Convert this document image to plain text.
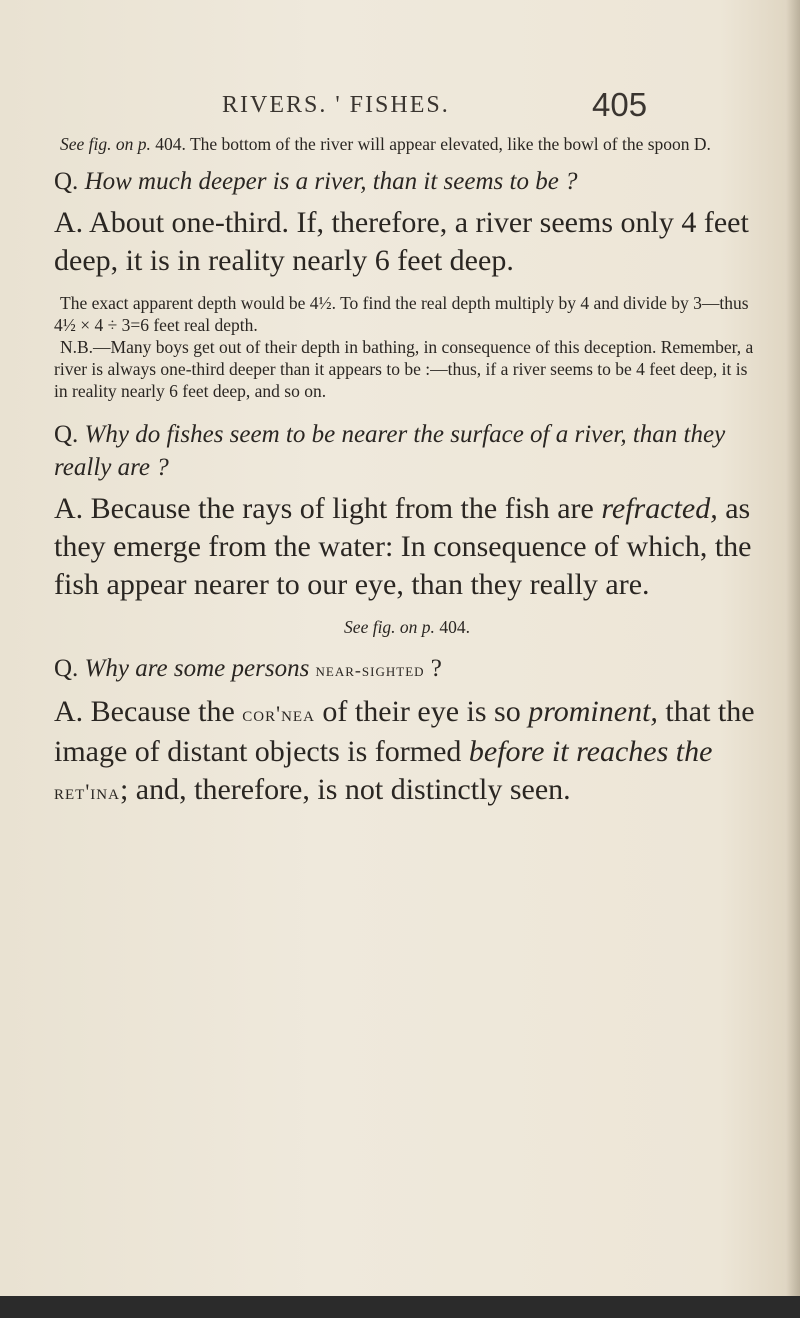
RIVERS. ' FISHES.	405

See fig. on p. 404. The bottom of the river will appear elevated, like the bowl of the spoon D.

Q. How much deeper is a river, than it seems to be ?

A. About one-third. If, therefore, a river seems only 4 feet deep, it is in reality nearly 6 feet deep.

The exact apparent depth would be 4½. To find the real depth multiply by 4 and divide by 3—thus 4½ × 4 ÷ 3=6 feet real depth.

N.B.—Many boys get out of their depth in bathing, in consequence of this deception. Remember, a river is always one-third deeper than it appears to be :—thus, if a river seems to be 4 feet deep, it is in reality nearly 6 feet deep, and so on.

Q. Why do fishes seem to be nearer the surface of a river, than they really are ?

A. Because the rays of light from the fish are refracted, as they emerge from the water: In consequence of which, the fish appear nearer to our eye, than they really are.

See fig. on p. 404.

Q. Why are some persons near-sighted ?

A. Because the cor'nea of their eye is so prominent, that the image of distant objects is formed before it reaches the ret'ina; and, therefore, is not distinctly seen.
